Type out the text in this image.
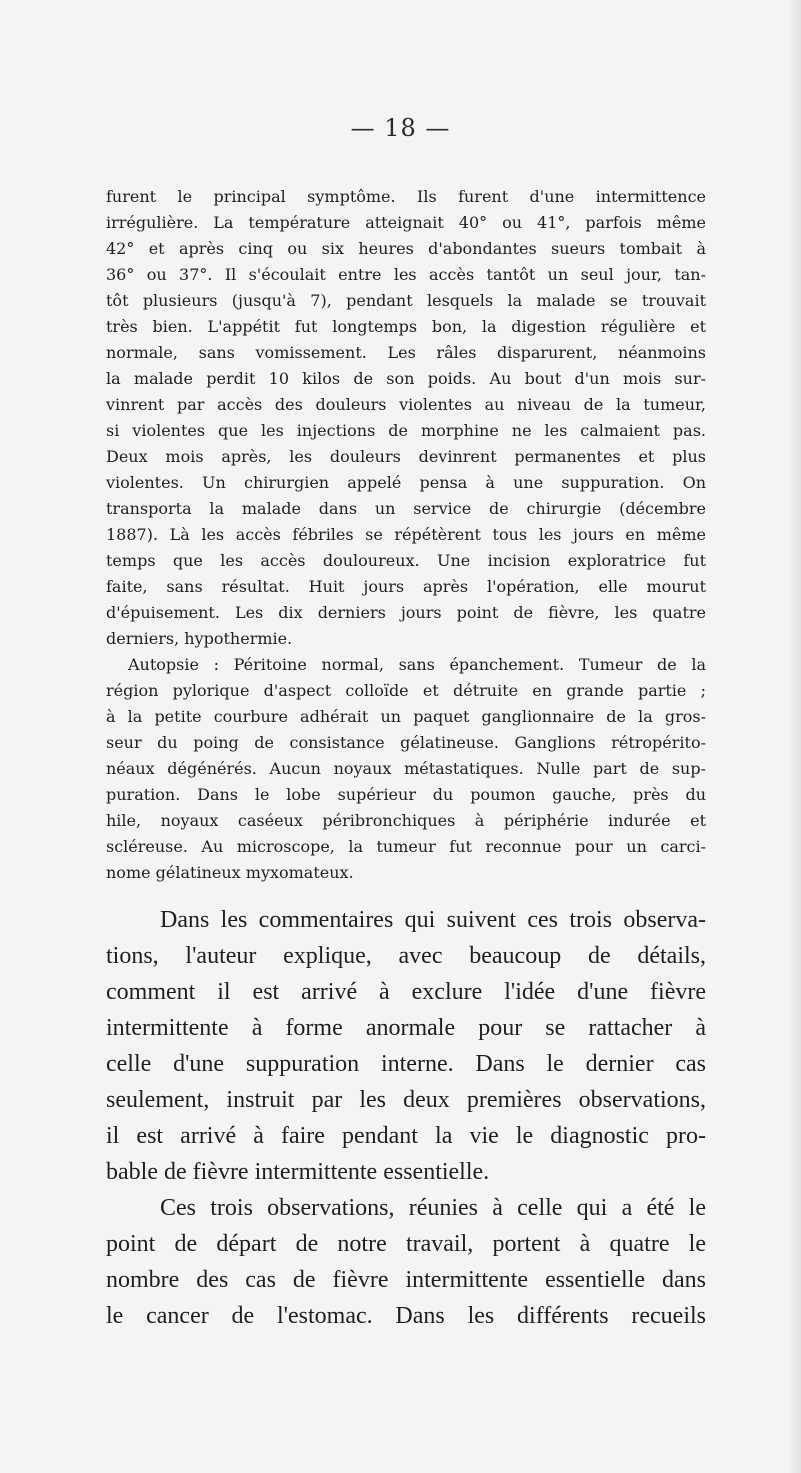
— 18 —
furent le principal symptôme. Ils furent d'une intermittence
irrégulière. La température atteignait 40° ou 41°, parfois même
42° et après cinq ou six heures d'abondantes sueurs tombait à
36° ou 37°. Il s'écoulait entre les accès tantôt un seul jour, tan-
tôt plusieurs (jusqu'à 7), pendant lesquels la malade se trouvait
très bien. L'appétit fut longtemps bon, la digestion régulière et
normale, sans vomissement. Les râles disparurent, néanmoins
la malade perdit 10 kilos de son poids. Au bout d'un mois sur-
vinrent par accès des douleurs violentes au niveau de la tumeur,
si violentes que les injections de morphine ne les calmaient pas.
Deux mois après, les douleurs devinrent permanentes et plus
violentes. Un chirurgien appelé pensa à une suppuration. On
transporta la malade dans un service de chirurgie (décembre
1887). Là les accès fébriles se répétèrent tous les jours en même
temps que les accès douloureux. Une incision exploratrice fut
faite, sans résultat. Huit jours après l'opération, elle mourut
d'épuisement. Les dix derniers jours point de fièvre, les quatre
derniers, hypothermie.
Autopsie : Péritoine normal, sans épanchement. Tumeur de la
région pylorique d'aspect colloïde et détruite en grande partie ;
à la petite courbure adhérait un paquet ganglionnaire de la gros-
seur du poing de consistance gélatineuse. Ganglions rétropérito-
néaux dégénérés. Aucun noyaux métastatiques. Nulle part de sup-
puration. Dans le lobe supérieur du poumon gauche, près du
hile, noyaux caséeux péribronchiques à périphérie indurée et
scléreuse. Au microscope, la tumeur fut reconnue pour un carci-
nome gélatineux myxomateux.
Dans les commentaires qui suivent ces trois observa-
tions, l'auteur explique, avec beaucoup de détails,
comment il est arrivé à exclure l'idée d'une fièvre
intermittente à forme anormale pour se rattacher à
celle d'une suppuration interne. Dans le dernier cas
seulement, instruit par les deux premières observations,
il est arrivé à faire pendant la vie le diagnostic pro-
bable de fièvre intermittente essentielle.
Ces trois observations, réunies à celle qui a été le
point de départ de notre travail, portent à quatre le
nombre des cas de fièvre intermittente essentielle dans
le cancer de l'estomac. Dans les différents recueils
